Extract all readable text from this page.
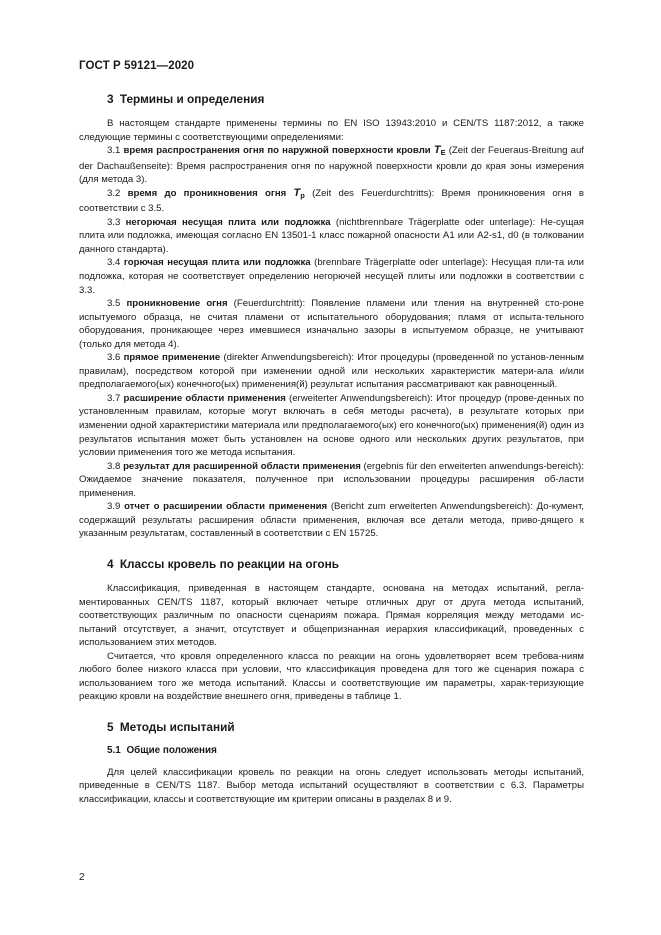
ГОСТ Р 59121—2020
3 Термины и определения

В настоящем стандарте применены термины по EN ISO 13943:2010 и CEN/TS 1187:2012, а также следующие термины с соответствующими определениями:

3.1 время распространения огня по наружной поверхности кровли $T_E$ (Zeit der Feueraus-Breitung auf der Dachaußenseite): Время распространения огня по наружной поверхности кровли до края зоны измерения (для метода 3).

3.2 время до проникновения огня $T_p$ (Zeit des Feuerdurchtritts): Время проникновения огня в соответствии с 3.5.

3.3 негорючая несущая плита или подложка (nichtbrennbare Trägerplatte oder unterlage): Не-сущая плита или подложка, имеющая согласно EN 13501-1 класс пожарной опасности А1 или А2-s1, d0 (в толковании данного стандарта).

3.4 горючая несущая плита или подложка (brennbare Trägerplatte oder unterlage): Несущая пли-та или подложка, которая не соответствует определению негорючей несущей плиты или подложки в соответствии с 3.3.

3.5 проникновение огня (Feuerdurchtritt): Появление пламени или тления на внутренней сто-роне испытуемого образца, не считая пламени от испытательного оборудования; пламя от испыта-тельного оборудования, проникающее через имевшиеся изначально зазоры в испытуемом образце, не учитывают (только для метода 4).

3.6 прямое применение (direkter Anwendungsbereich): Итог процедуры (проведенной по установ-ленным правилам), посредством которой при изменении одной или нескольких характеристик матери-ала и/или предполагаемого(ых) конечного(ых) применения(й) результат испытания рассматривают как равноценный.

3.7 расширение области применения (erweiterter Anwendungsbereich): Итог процедур (прове-денных по установленным правилам, которые могут включать в себя методы расчета), в результате которых при изменении одной характеристики материала или предполагаемого(ых) его конечного(ых) применения(й) один из результатов испытания может быть установлен на основе одного или нескольких других результатов, при условии применения того же метода испытания.

3.8 результат для расширенной области применения (ergebnis für den erweiterten anwendungs-bereich): Ожидаемое значение показателя, полученное при использовании процедуры расширения об-ласти применения.

3.9 отчет о расширении области применения (Bericht zum erweiterten Anwendungsbereich): До-кумент, содержащий результаты расширения области применения, включая все детали метода, приво-дящего к указанным результатам, составленный в соответствии с EN 15725.

4 Классы кровель по реакции на огонь

Классификация, приведенная в настоящем стандарте, основана на методах испытаний, регла-ментированных CEN/TS 1187, который включает четыре отличных друг от друга метода испытаний, соответствующих различным по опасности сценариям пожара. Прямая корреляция между методами ис-пытаний отсутствует, а значит, отсутствует и общепризнанная иерархия классификаций, проведенных с использованием этих методов.

Считается, что кровля определенного класса по реакции на огонь удовлетворяет всем требова-ниям любого более низкого класса при условии, что классификация проведена для того же сценария пожара с использованием того же метода испытаний. Классы и соответствующие им параметры, харак-теризующие реакцию кровли на воздействие внешнего огня, приведены в таблице 1.

5 Методы испытаний
5.1 Общие положения

Для целей классификации кровель по реакции на огонь следует использовать методы испытаний, приведенные в CEN/TS 1187. Выбор метода испытаний осуществляют в соответствии с 6.3. Параметры классификации, классы и соответствующие им критерии описаны в разделах 8 и 9.

2
